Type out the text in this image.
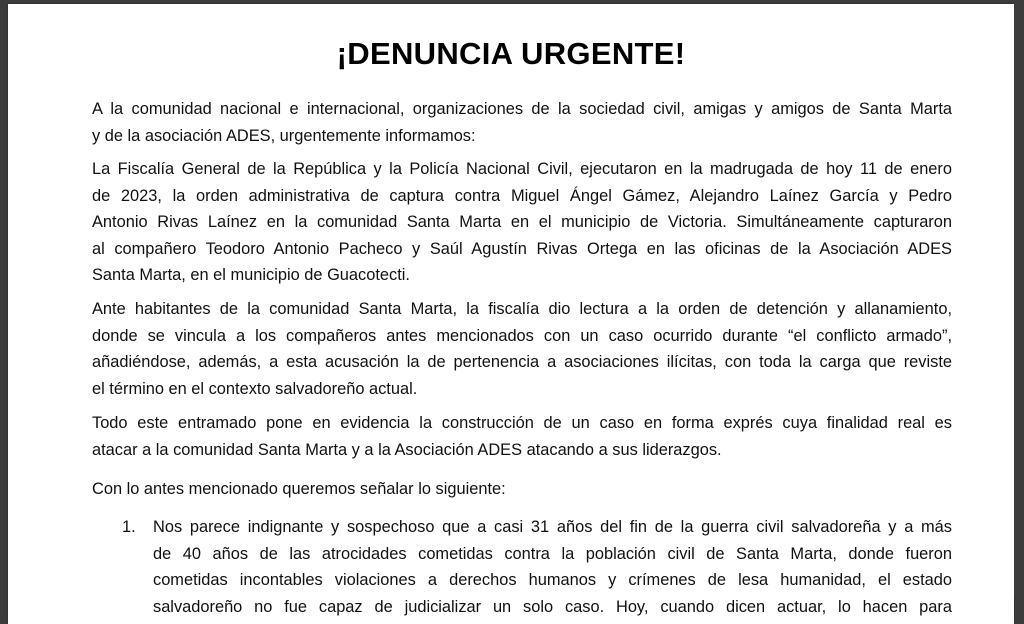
¡DENUNCIA URGENTE!
A la comunidad nacional e internacional, organizaciones de la sociedad civil, amigas y amigos de Santa Marta
y de la asociación ADES, urgentemente informamos:
La Fiscalía General de la República y la Policía Nacional Civil, ejecutaron en la madrugada de hoy 11 de enero
de 2023, la orden administrativa de captura contra Miguel Ángel Gámez, Alejandro Laínez García y Pedro
Antonio Rivas Laínez en la comunidad Santa Marta en el municipio de Victoria. Simultáneamente capturaron
al compañero Teodoro Antonio Pacheco y Saúl Agustín Rivas Ortega en las oficinas de la Asociación ADES
Santa Marta, en el municipio de Guacotecti.
Ante habitantes de la comunidad Santa Marta, la fiscalía dio lectura a la orden de detención y allanamiento,
donde se vincula a los compañeros antes mencionados con un caso ocurrido durante “el conflicto armado”,
añadiéndose, además, a esta acusación la de pertenencia a asociaciones ilícitas, con toda la carga que reviste
el término en el contexto salvadoreño actual.
Todo este entramado pone en evidencia la construcción de un caso en forma exprés cuya finalidad real es
atacar a la comunidad Santa Marta y a la Asociación ADES atacando a sus liderazgos.
Con lo antes mencionado queremos señalar lo siguiente:
1. Nos parece indignante y sospechoso que a casi 31 años del fin de la guerra civil salvadoreña y a más
de 40 años de las atrocidades cometidas contra la población civil de Santa Marta, donde fueron
cometidas incontables violaciones a derechos humanos y crímenes de lesa humanidad, el estado
salvadoreño no fue capaz de judicializar un solo caso. Hoy, cuando dicen actuar, lo hacen para
